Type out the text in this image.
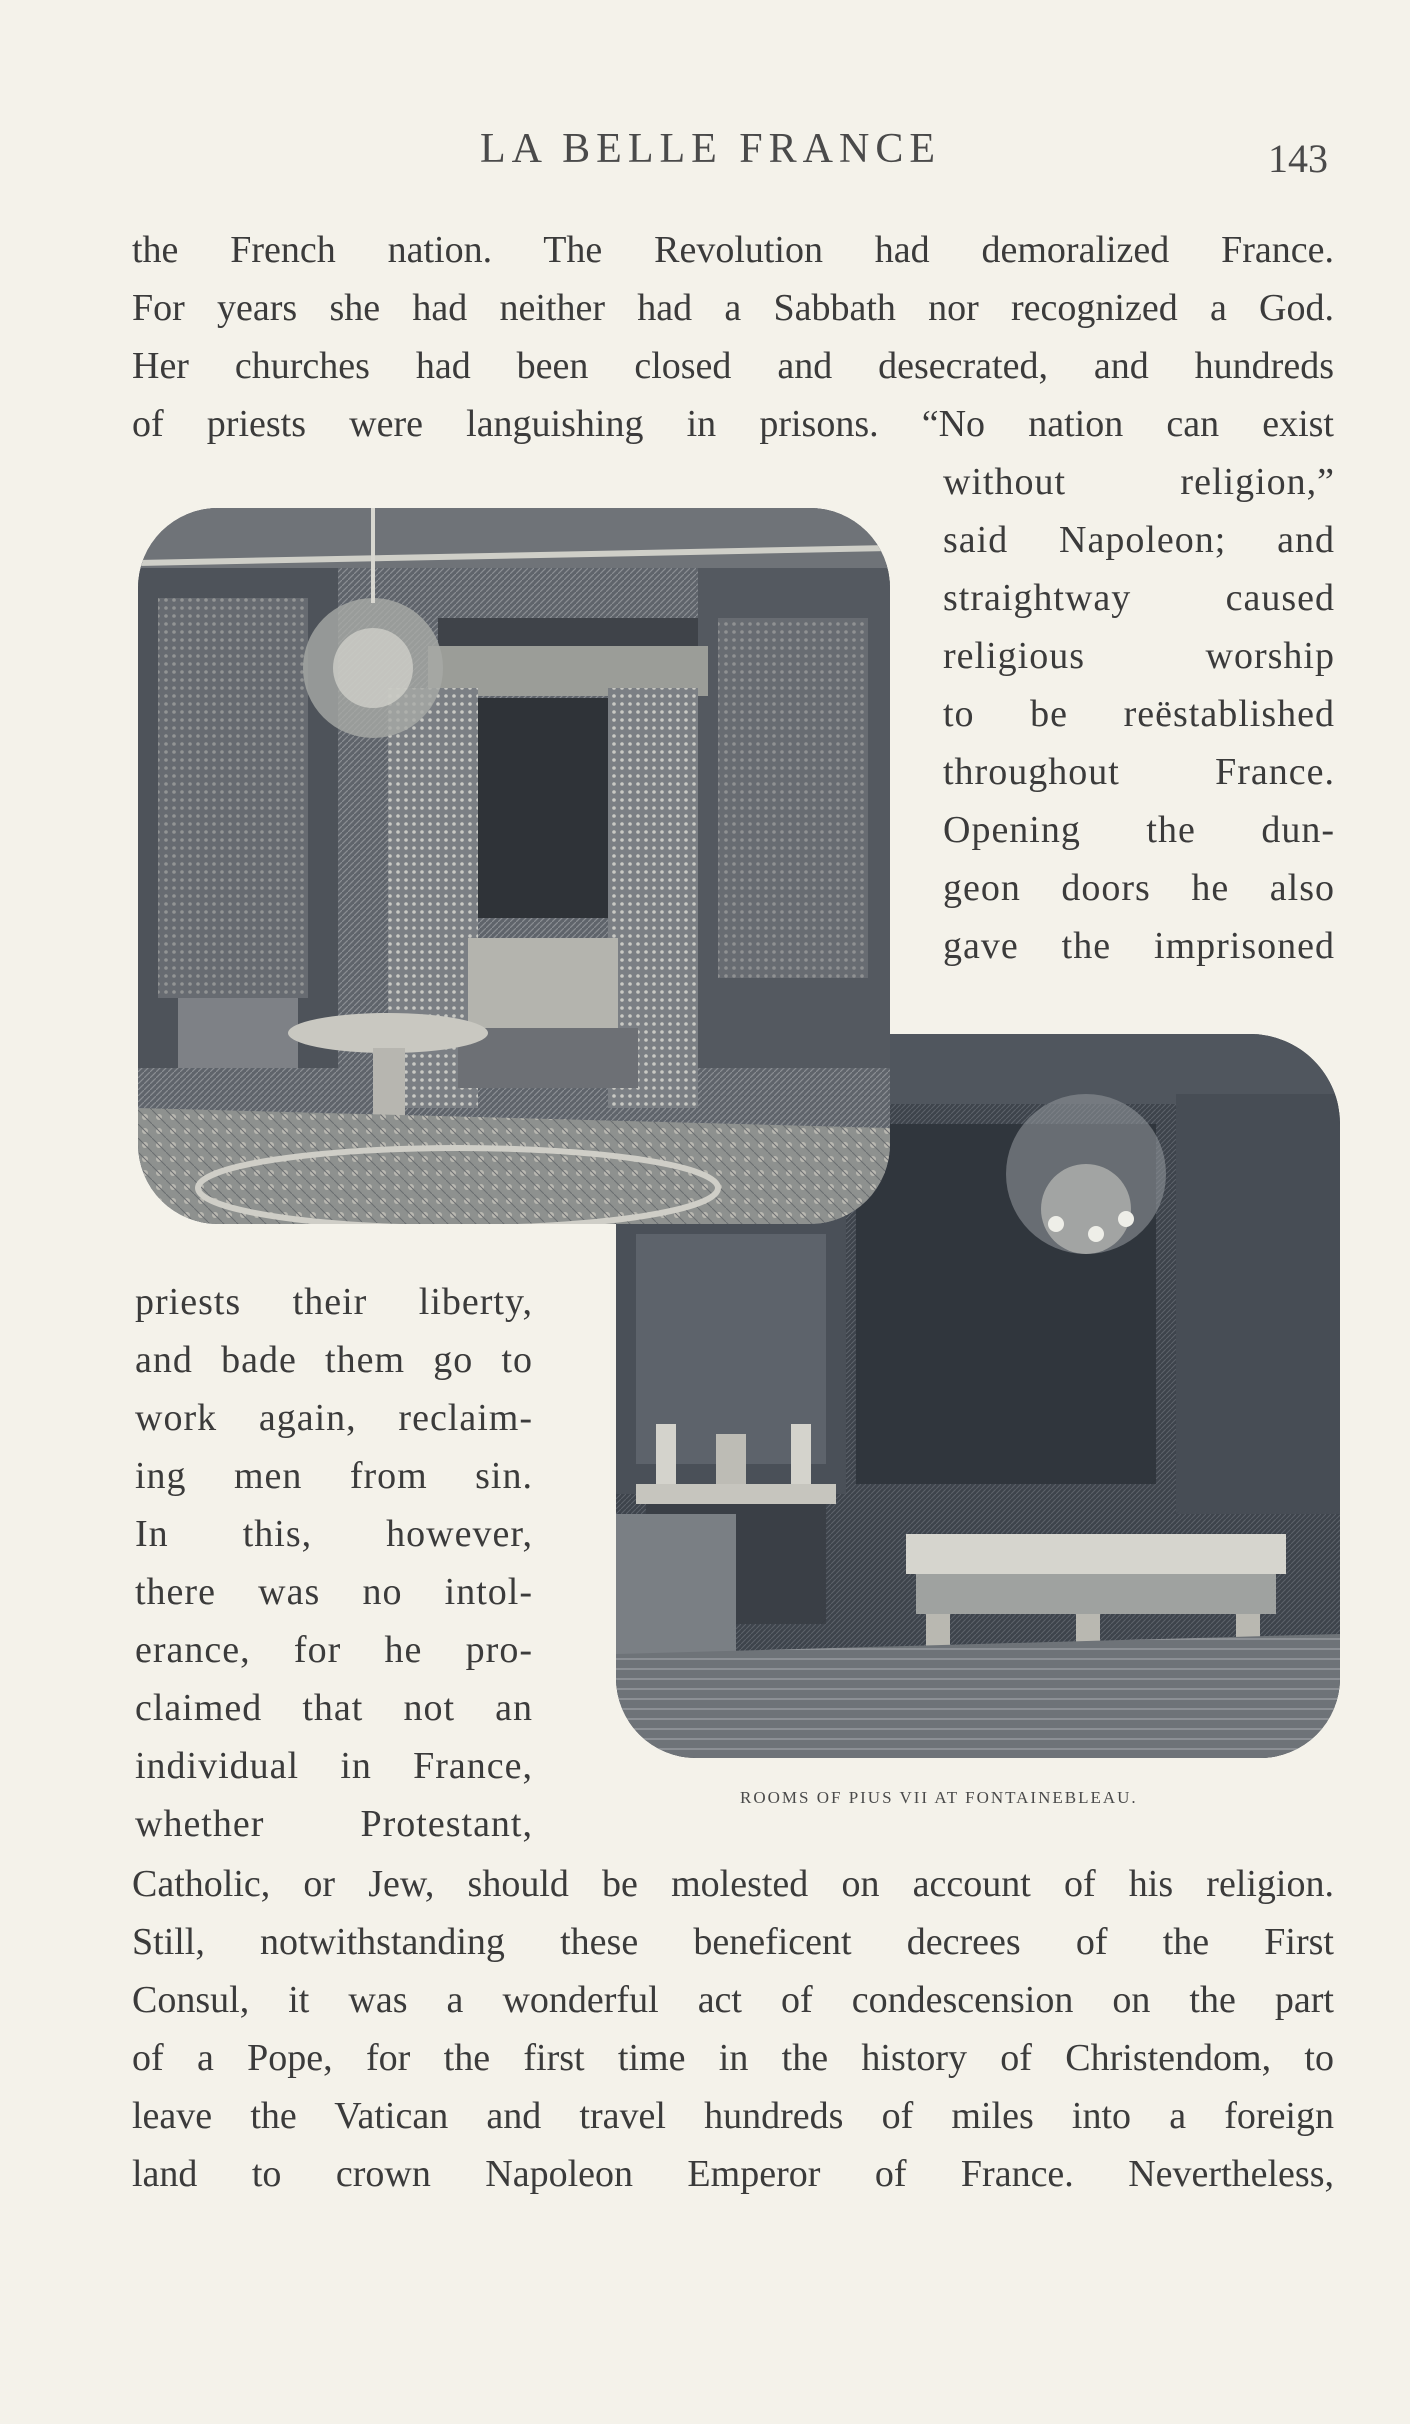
LA BELLE FRANCE	143
the French nation. The Revolution had demoralized France.
For years she had neither had a Sabbath nor recognized a God.
Her churches had been closed and desecrated, and hundreds
of priests were languishing in prisons. “No nation can exist
without religion,”
said Napoleon; and
straightway caused
religious worship
to be reëstablished
throughout France.
Opening the dun-
geon doors he also
gave the imprisoned
priests their liberty,
and bade them go to
work again, reclaim-
ing men from sin.
In this, however,
there was no intol-
erance, for he pro-
claimed that not an
individual in France,
whether Protestant,
ROOMS OF PIUS VII AT FONTAINEBLEAU.
Catholic, or Jew, should be molested on account of his religion.
Still, notwithstanding these beneficent decrees of the First
Consul, it was a wonderful act of condescension on the part
of a Pope, for the first time in the history of Christendom, to
leave the Vatican and travel hundreds of miles into a foreign
land to crown Napoleon Emperor of France. Nevertheless,
